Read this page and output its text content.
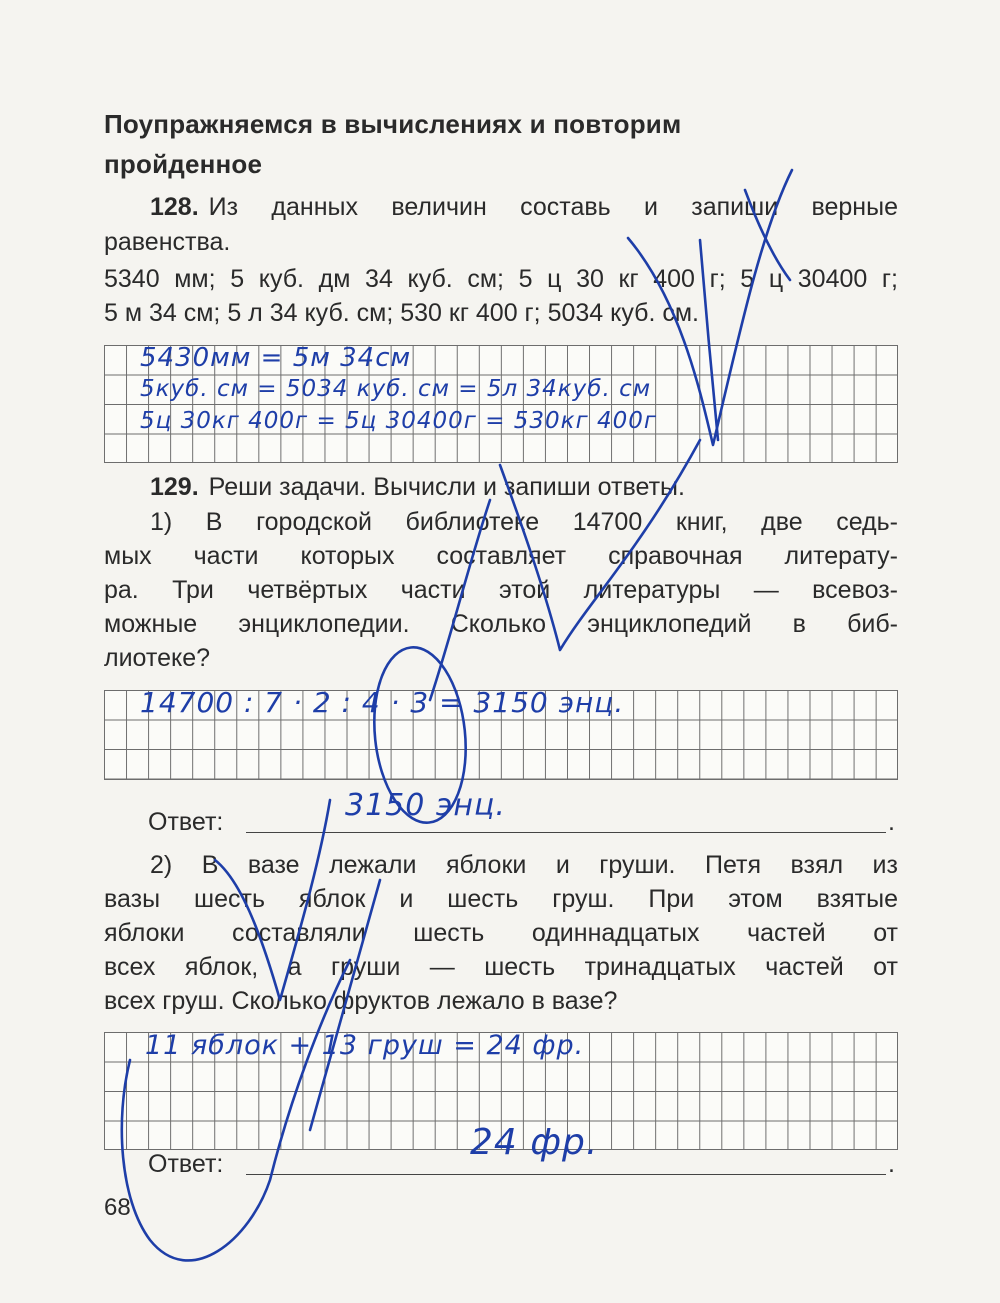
Поупражняемся в вычислениях и повторим
пройденное
128. Из данных величин составь и запиши верные
равенства.
5340 мм; 5 куб. дм 34 куб. см; 5 ц 30 кг 400 г; 5 ц 30400 г;
5 м 34 см; 5 л 34 куб. см; 530 кг 400 г; 5034 куб. см.
5430мм = 5м 34см
5куб. см = 5034 куб. см = 5л 34куб. см
5ц 30кг 400г = 5ц 30400г = 530кг 400г
129. Реши задачи. Вычисли и запиши ответы.
1) В городской библиотеке 14700 книг, две седь-
мых части которых составляет справочная литерату-
ра. Три четвёртых части этой литературы — всевоз-
можные энциклопедии. Сколько энциклопедий в биб-
лиотеке?
14700 : 7 · 2 : 4 · 3 = 3150 энц.
Ответ:	.
3150 энц.
2) В вазе лежали яблоки и груши. Петя взял из
вазы шесть яблок и шесть груш. При этом взятые
яблоки составляли шесть одиннадцатых частей от
всех яблок, а груши — шесть тринадцатых частей от
всех груш. Сколько фруктов лежало в вазе?
11 яблок + 13 груш = 24 фр.
Ответ:	.
24 фр.
68
